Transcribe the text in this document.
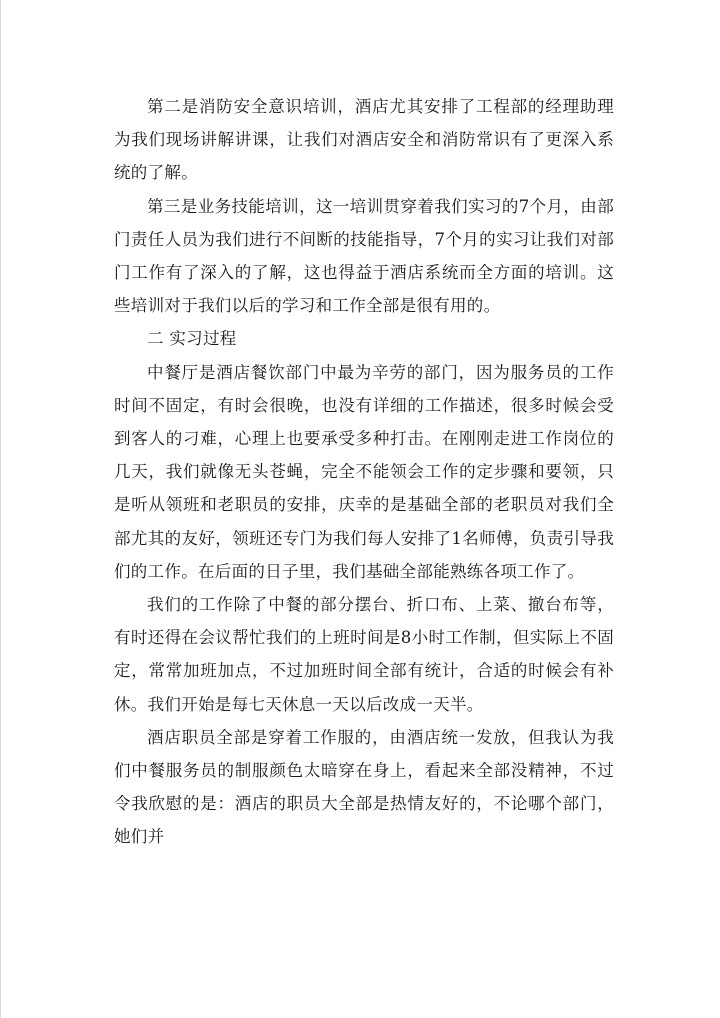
第二是消防安全意识培训，酒店尤其安排了工程部的经理助理为我们现场讲解讲课，让我们对酒店安全和消防常识有了更深入系统的了解。

第三是业务技能培训，这一培训贯穿着我们实习的7个月，由部门责任人员为我们进行不间断的技能指导，7个月的实习让我们对部门工作有了深入的了解，这也得益于酒店系统而全方面的培训。这些培训对于我们以后的学习和工作全部是很有用的。

二 实习过程

中餐厅是酒店餐饮部门中最为辛劳的部门，因为服务员的工作时间不固定，有时会很晚，也没有详细的工作描述，很多时候会受到客人的刁难，心理上也要承受多种打击。在刚刚走进工作岗位的几天，我们就像无头苍蝇，完全不能领会工作的定步骤和要领，只是听从领班和老职员的安排，庆幸的是基础全部的老职员对我们全部尤其的友好，领班还专门为我们每人安排了1名师傅，负责引导我们的工作。在后面的日子里，我们基础全部能熟练各项工作了。

我们的工作除了中餐的部分摆台、折口布、上菜、撤台布等，有时还得在会议帮忙我们的上班时间是8小时工作制，但实际上不固定，常常加班加点，不过加班时间全部有统计，合适的时候会有补休。我们开始是每七天休息一天以后改成一天半。

酒店职员全部是穿着工作服的，由酒店统一发放，但我认为我们中餐服务员的制服颜色太暗穿在身上，看起来全部没精神，不过令我欣慰的是：酒店的职员大全部是热情友好的，不论哪个部门，她们并
